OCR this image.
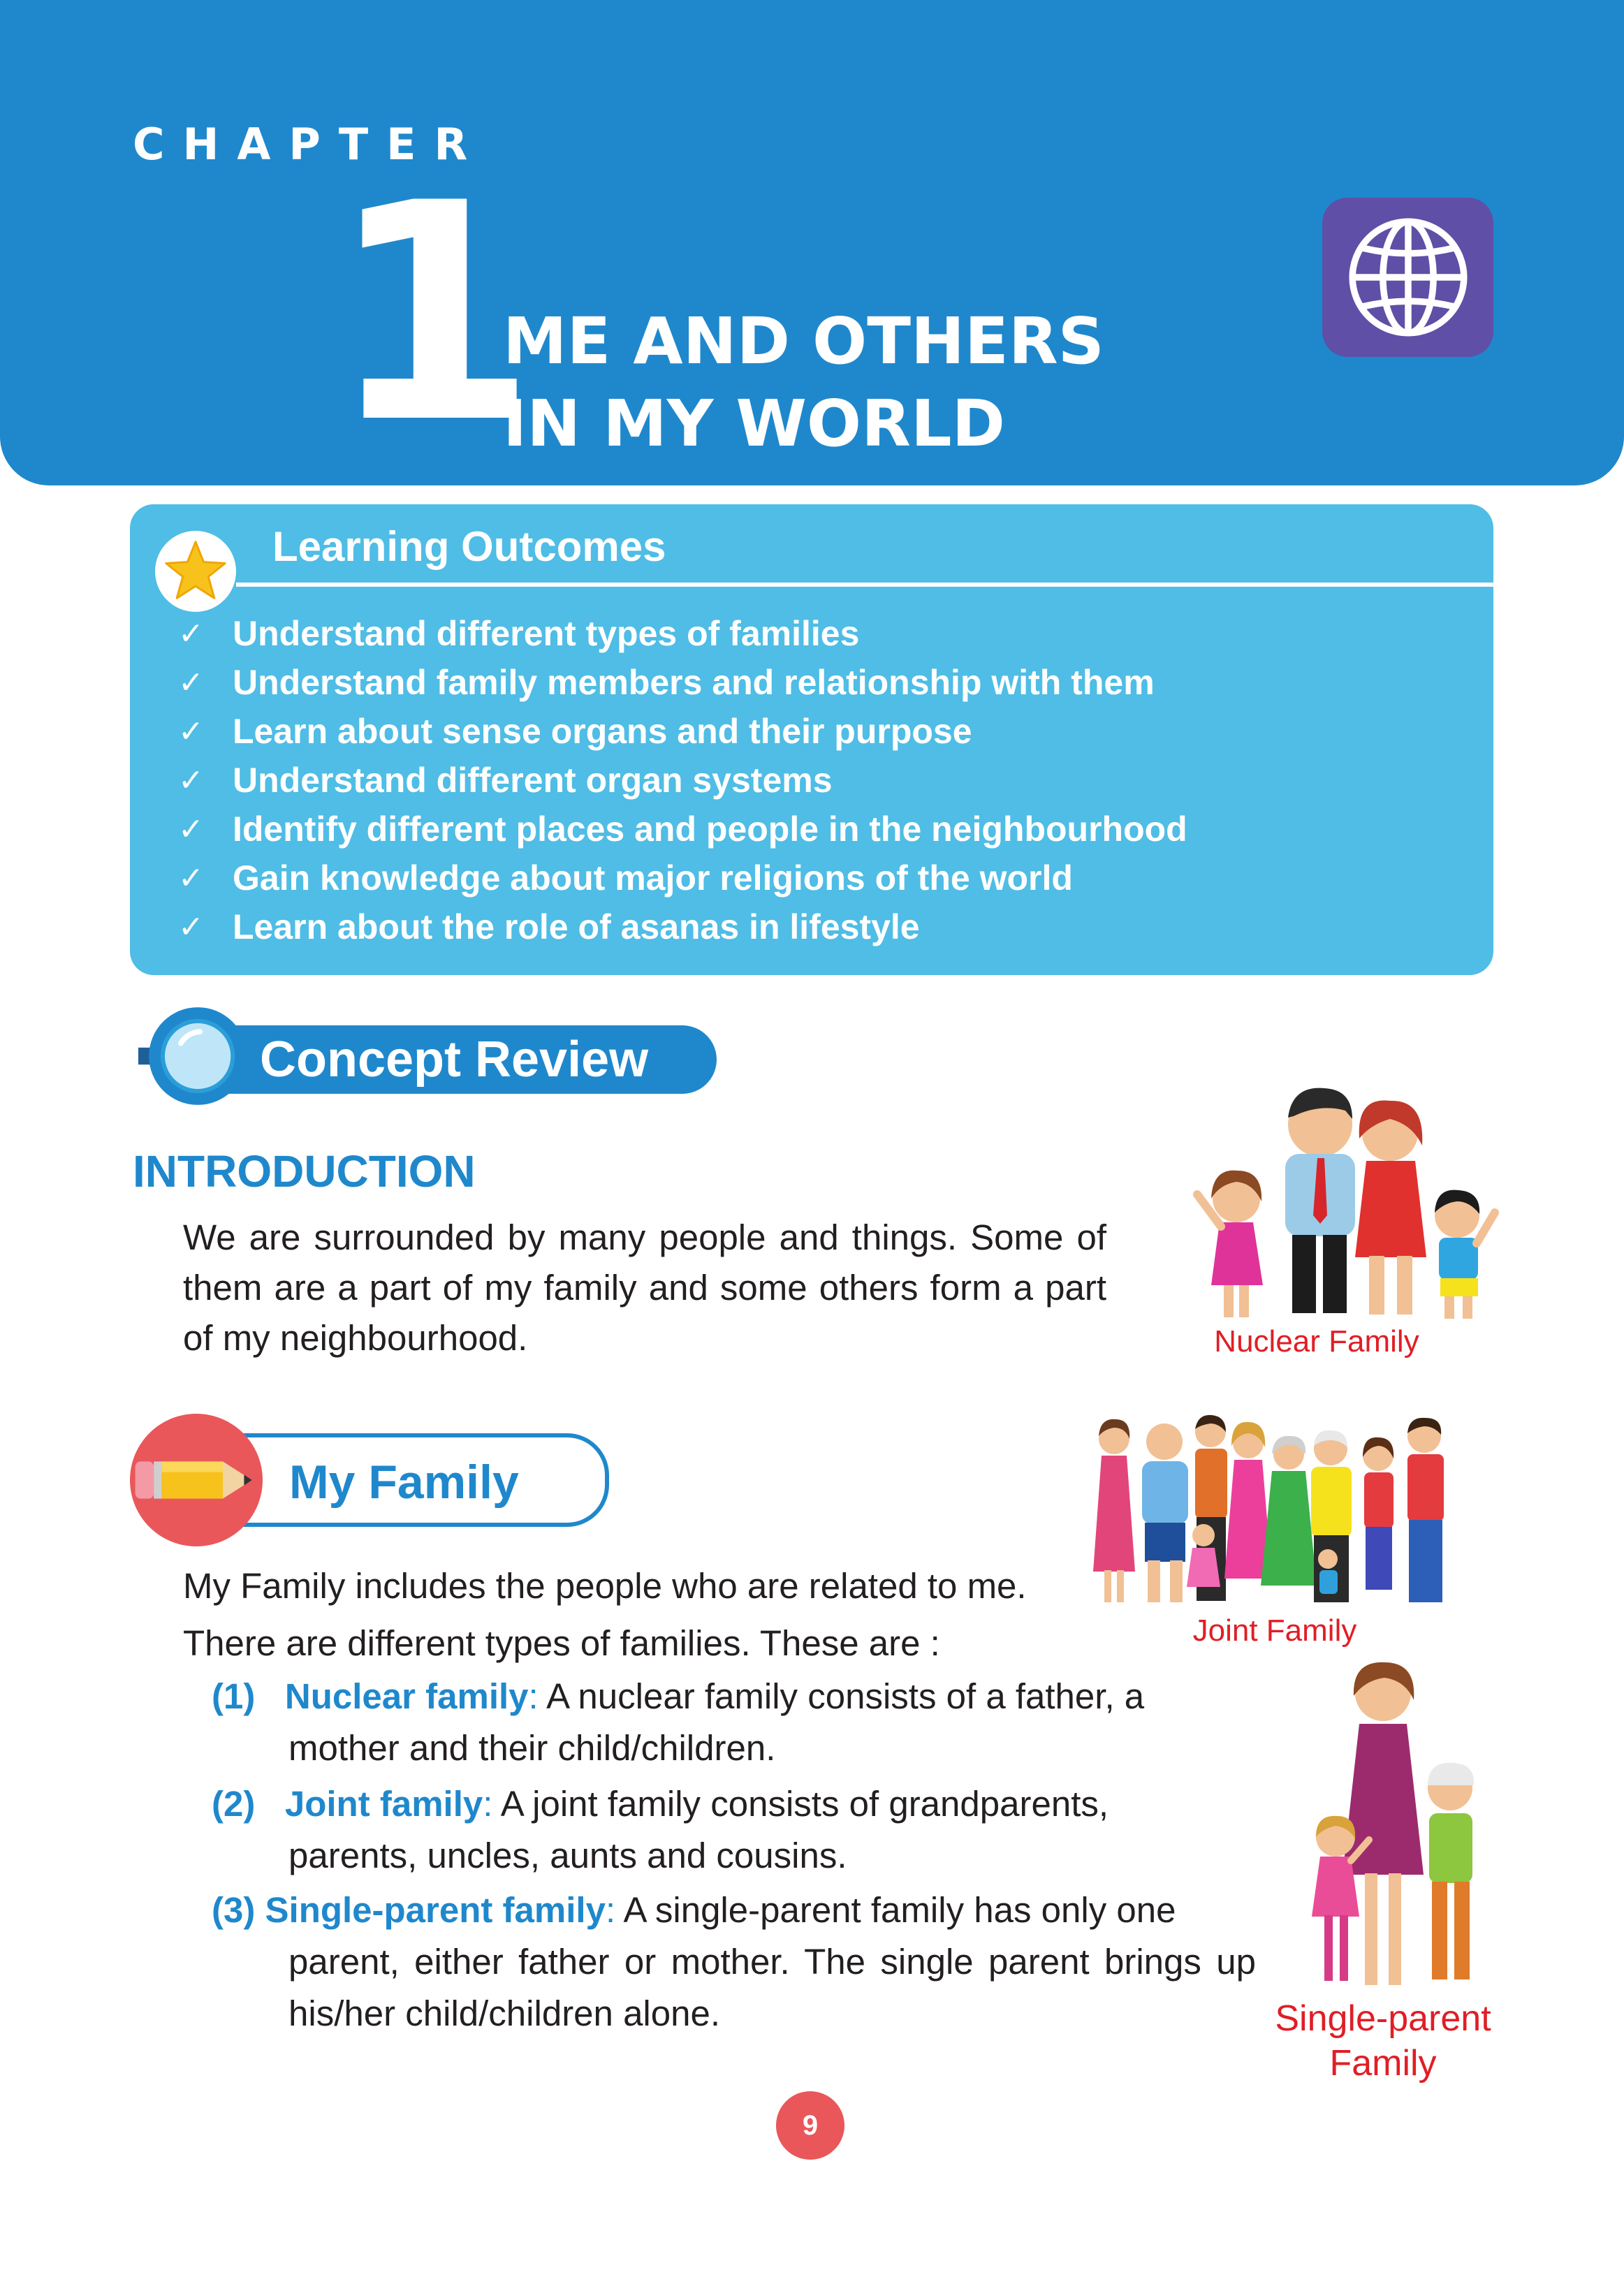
CHAPTER
1
ME AND OTHERS
IN MY WORLD
Learning Outcomes
✓ Understand different types of families
✓ Understand family members and relationship with them
✓ Learn about sense organs and their purpose
✓ Understand different organ systems
✓ Identify different places and people in the neighbourhood
✓ Gain knowledge about major religions of the world
✓ Learn about the role of asanas in lifestyle
Concept Review
INTRODUCTION
We are surrounded by many people and things. Some of them are a part of my family and some others form a part of my neighbourhood.
My Family
My Family includes the people who are related to me.
There are different types of families. These are :
(1) Nuclear family: A nuclear family consists of a father, a
mother and their child/children.
(2) Joint family: A joint family consists of grandparents,
parents, uncles, aunts and cousins.
(3) Single-parent family: A single-parent family has only one
parent, either father or mother. The single parent brings up his/her child/children alone.
Nuclear Family
Joint Family
Single-parent
Family
9
